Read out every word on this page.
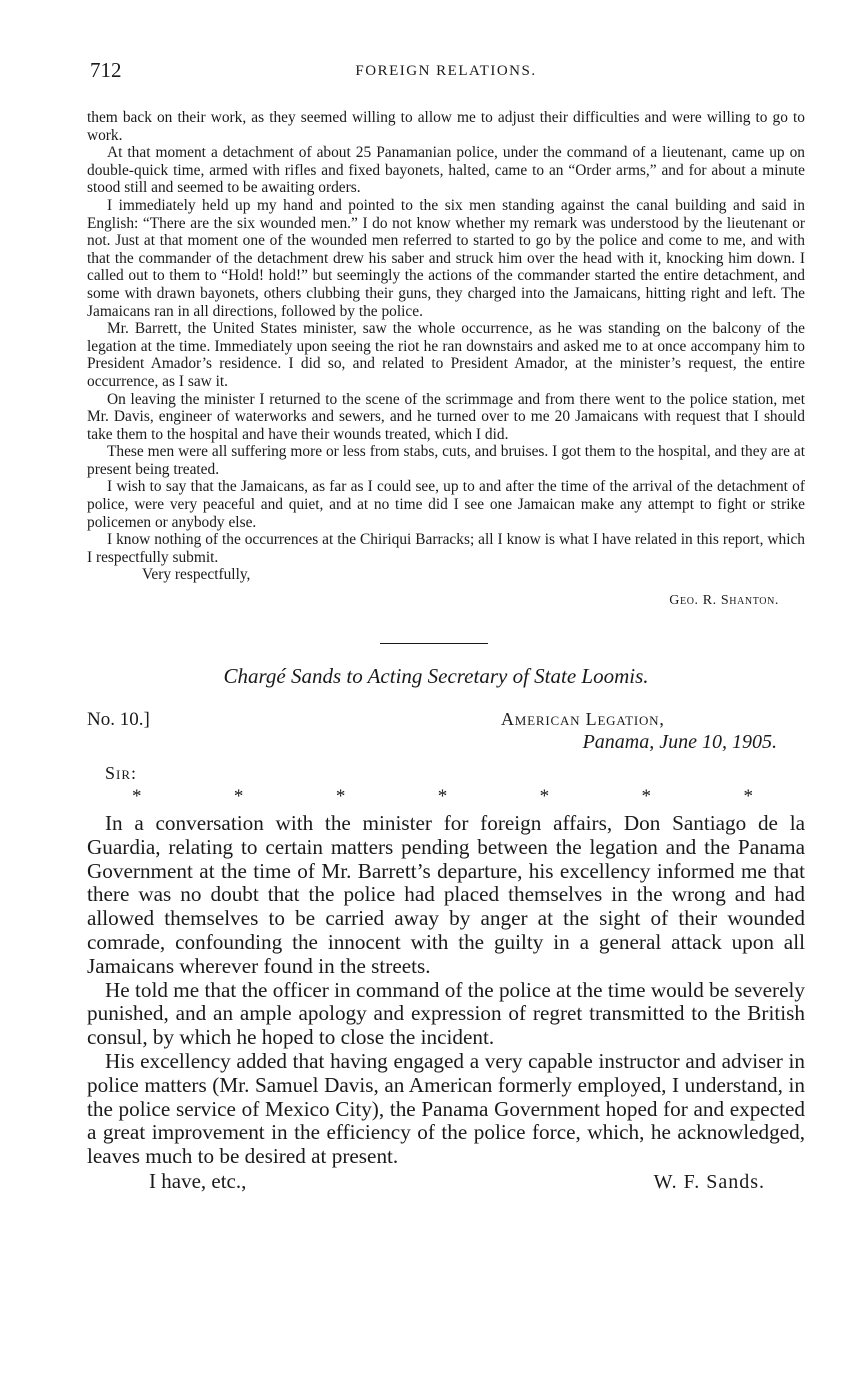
712	FOREIGN RELATIONS.

them back on their work, as they seemed willing to allow me to adjust their difficulties and were willing to go to work.

At that moment a detachment of about 25 Panamanian police, under the command of a lieutenant, came up on double-quick time, armed with rifles and fixed bayonets, halted, came to an “Order arms,” and for about a minute stood still and seemed to be awaiting orders.

I immediately held up my hand and pointed to the six men standing against the canal building and said in English: “There are the six wounded men.” I do not know whether my remark was understood by the lieutenant or not. Just at that moment one of the wounded men referred to started to go by the police and come to me, and with that the commander of the detachment drew his saber and struck him over the head with it, knocking him down. I called out to them to “Hold! hold!” but seemingly the actions of the commander started the entire detachment, and some with drawn bayonets, others clubbing their guns, they charged into the Jamaicans, hitting right and left. The Jamaicans ran in all directions, followed by the police.

Mr. Barrett, the United States minister, saw the whole occurrence, as he was standing on the balcony of the legation at the time. Immediately upon seeing the riot he ran downstairs and asked me to at once accompany him to President Amador’s residence. I did so, and related to President Amador, at the minister’s request, the entire occurrence, as I saw it.

On leaving the minister I returned to the scene of the scrimmage and from there went to the police station, met Mr. Davis, engineer of waterworks and sewers, and he turned over to me 20 Jamaicans with request that I should take them to the hospital and have their wounds treated, which I did.

These men were all suffering more or less from stabs, cuts, and bruises. I got them to the hospital, and they are at present being treated.

I wish to say that the Jamaicans, as far as I could see, up to and after the time of the arrival of the detachment of police, were very peaceful and quiet, and at no time did I see one Jamaican make any attempt to fight or strike policemen or anybody else.

I know nothing of the occurrences at the Chiriqui Barracks; all I know is what I have related in this report, which I respectfully submit.

Very respectfully,
Geo. R. Shanton.
Chargé Sands to Acting Secretary of State Loomis.
No. 10.]	American Legation,
Panama, June 10, 1905.
Sir:
*	*	*	*	*	*	*

In a conversation with the minister for foreign affairs, Don Santiago de la Guardia, relating to certain matters pending between the legation and the Panama Government at the time of Mr. Barrett’s departure, his excellency informed me that there was no doubt that the police had placed themselves in the wrong and had allowed themselves to be carried away by anger at the sight of their wounded comrade, confounding the innocent with the guilty in a general attack upon all Jamaicans wherever found in the streets.

He told me that the officer in command of the police at the time would be severely punished, and an ample apology and expression of regret transmitted to the British consul, by which he hoped to close the incident.

His excellency added that having engaged a very capable instructor and adviser in police matters (Mr. Samuel Davis, an American formerly employed, I understand, in the police service of Mexico City), the Panama Government hoped for and expected a great improvement in the efficiency of the police force, which, he acknowledged, leaves much to be desired at present.

I have, etc.,	W. F. Sands.
